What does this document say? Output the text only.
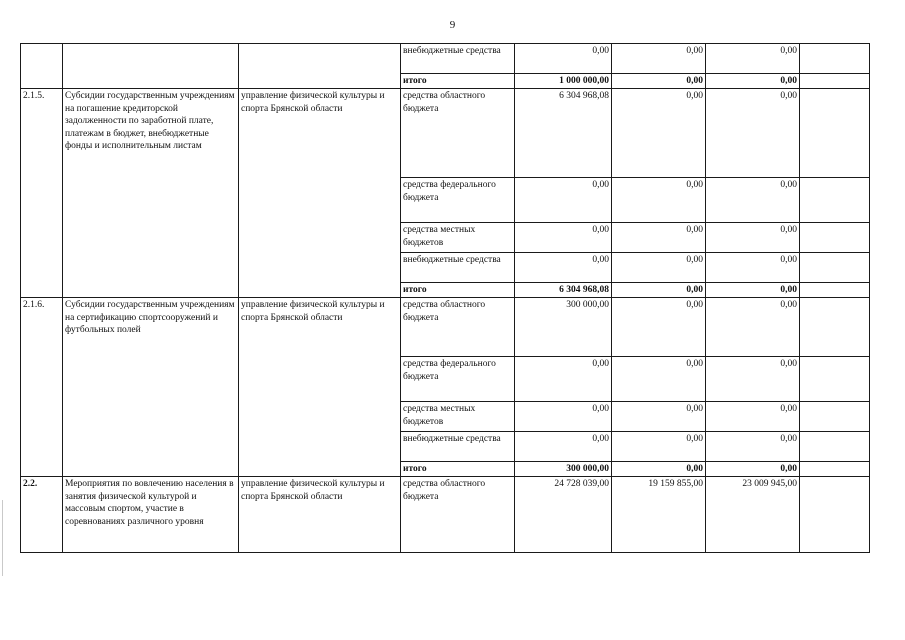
9
			внебюджетные средства	0,00	0,00	0,00	
			итого	1 000 000,00	0,00	0,00	
2.1.5.	Субсидии государственным учреждениям на погашение кредиторской задолженности по заработной плате, платежам в бюджет, внебюджетные фонды и исполнительным листам	управление физической культуры и спорта Брянской области	средства областного бюджета	6 304 968,08	0,00	0,00	
			средства федерального бюджета	0,00	0,00	0,00	
			средства местных бюджетов	0,00	0,00	0,00	
			внебюджетные средства	0,00	0,00	0,00	
			итого	6 304 968,08	0,00	0,00	
2.1.6.	Субсидии государственным учреждениям на сертификацию спортсооружений и футбольных полей	управление физической культуры и спорта Брянской области	средства областного бюджета	300 000,00	0,00	0,00	
			средства федерального бюджета	0,00	0,00	0,00	
			средства местных бюджетов	0,00	0,00	0,00	
			внебюджетные средства	0,00	0,00	0,00	
			итого	300 000,00	0,00	0,00	
2.2.	Мероприятия по вовлечению населения в занятия физической культурой и массовым спортом, участие в соревнованиях различного уровня	управление физической культуры и спорта Брянской области	средства областного бюджета	24 728 039,00	19 159 855,00	23 009 945,00	
